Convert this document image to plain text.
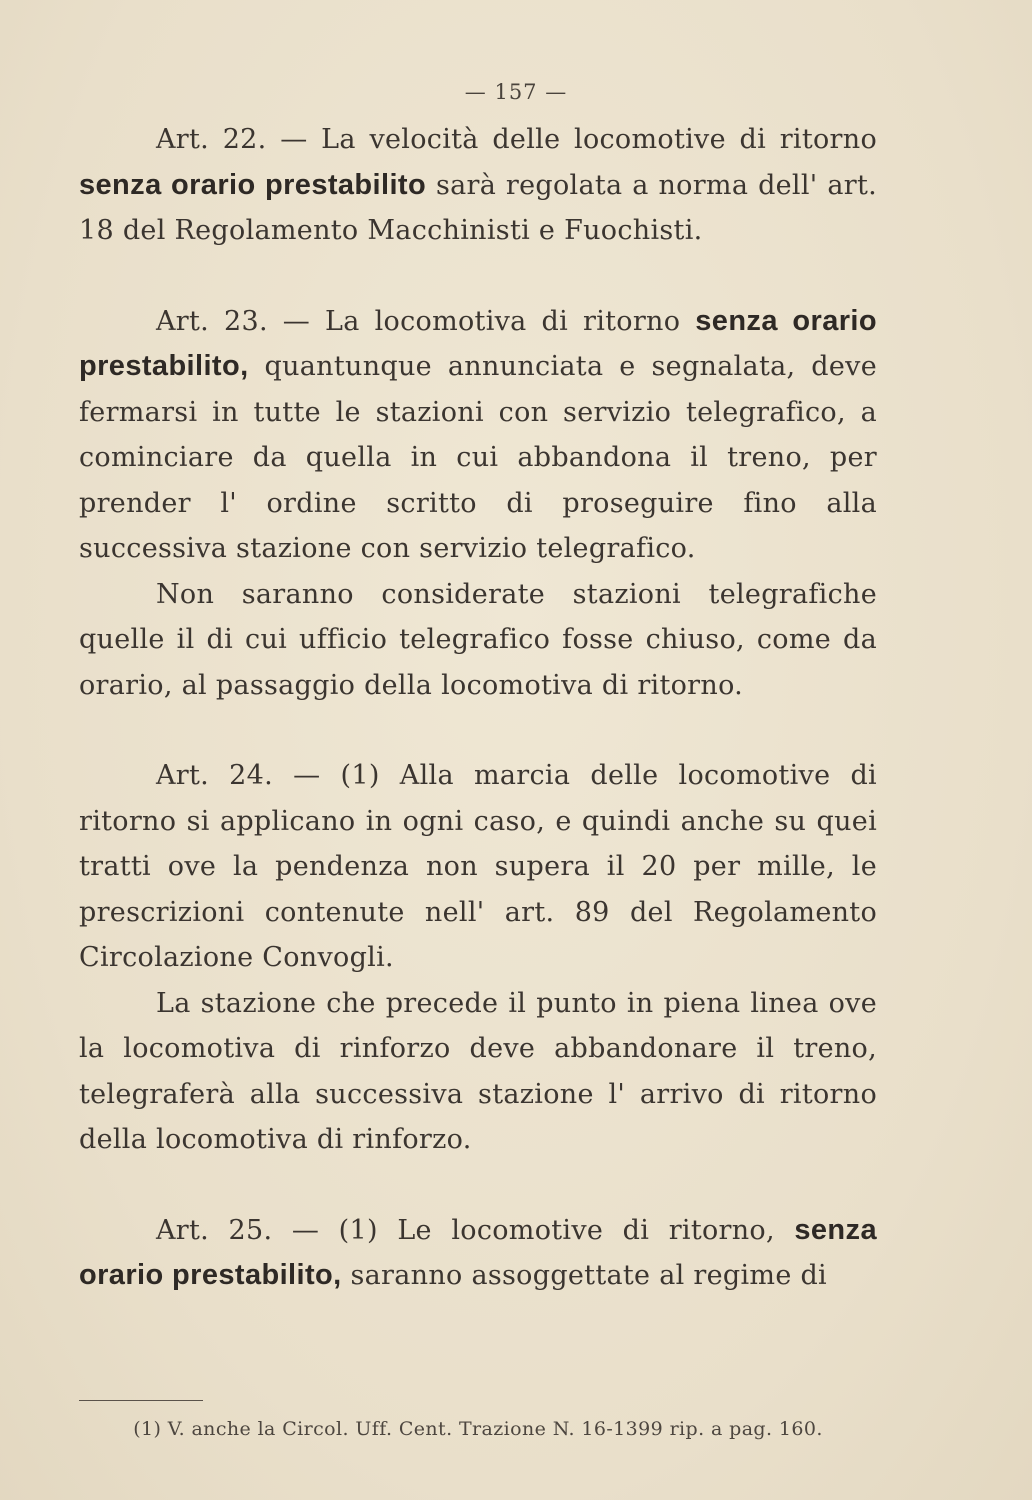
— 157 —

Art. 22. — La velocità delle locomotive di ritorno senza orario prestabilito sarà regolata a norma dell' art. 18 del Regolamento Macchinisti e Fuochisti.

Art. 23. — La locomotiva di ritorno senza orario prestabilito, quantunque annunciata e segnalata, deve fermarsi in tutte le stazioni con servizio telegrafico, a cominciare da quella in cui abbandona il treno, per prender l' ordine scritto di proseguire fino alla successiva stazione con servizio telegrafico.

Non saranno considerate stazioni telegrafiche quelle il di cui ufficio telegrafico fosse chiuso, come da orario, al passaggio della locomotiva di ritorno.

Art. 24. — (1) Alla marcia delle locomotive di ritorno si applicano in ogni caso, e quindi anche su quei tratti ove la pendenza non supera il 20 per mille, le prescrizioni contenute nell' art. 89 del Regolamento Circolazione Convogli.

La stazione che precede il punto in piena linea ove la locomotiva di rinforzo deve abbandonare il treno, telegraferà alla successiva stazione l' arrivo di ritorno della locomotiva di rinforzo.

Art. 25. — (1) Le locomotive di ritorno, senza orario prestabilito, saranno assoggettate al regime di

(1) V. anche la Circol. Uff. Cent. Trazione N. 16-1399 rip. a pag. 160.
